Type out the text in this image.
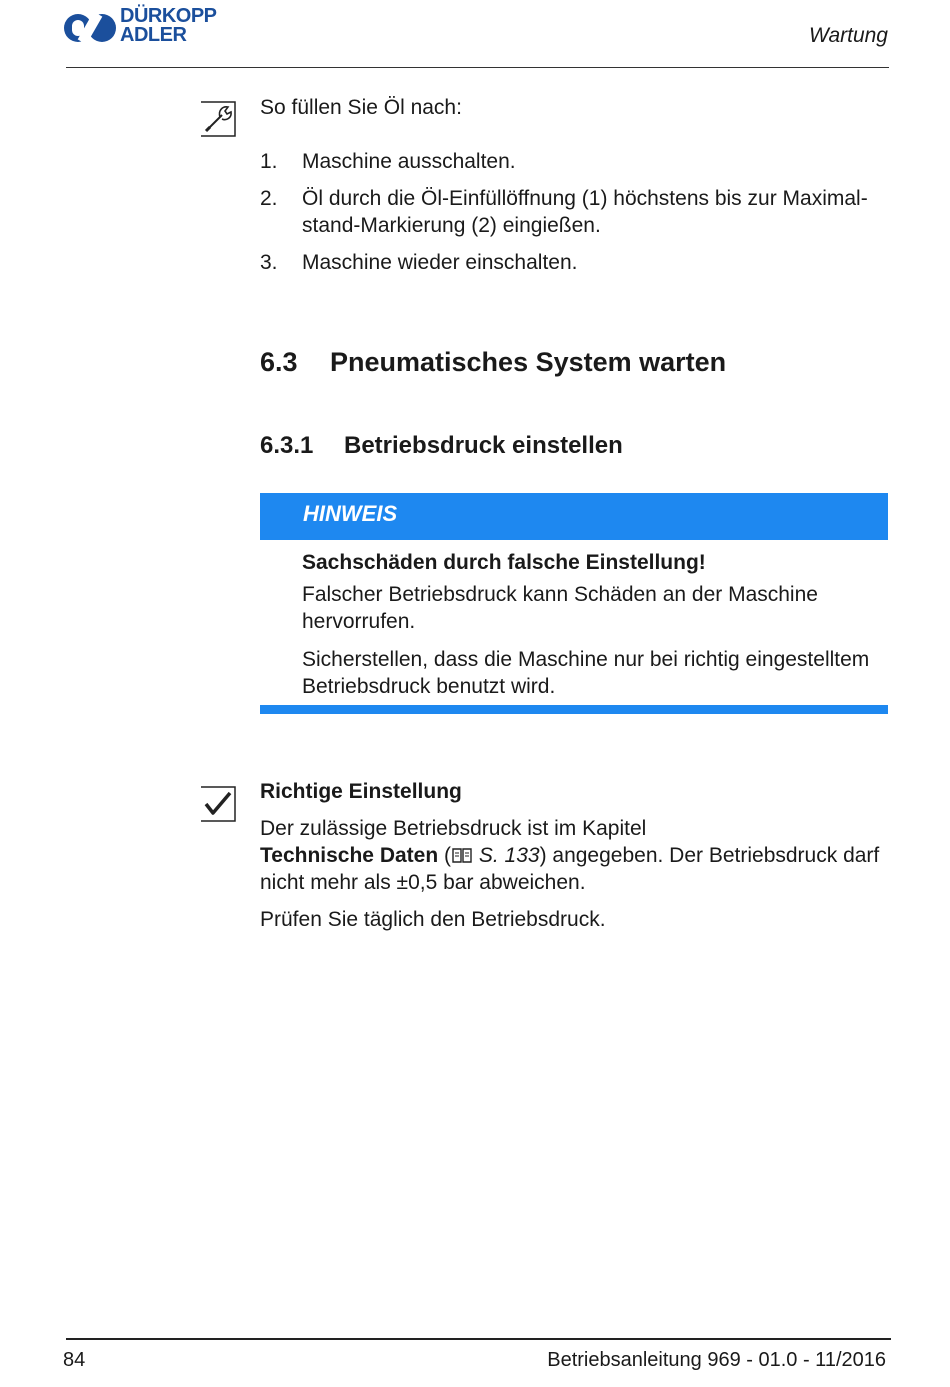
DÜRKOPP
ADLER	Wartung
So füllen Sie Öl nach:
1.	Maschine ausschalten.
2.	Öl durch die Öl-Einfüllöffnung (1) höchstens bis zur Maximal-stand-Markierung (2) eingießen.
3.	Maschine wieder einschalten.
6.3 Pneumatisches System warten
6.3.1 Betriebsdruck einstellen
HINWEIS
Sachschäden durch falsche Einstellung!
Falscher Betriebsdruck kann Schäden an der Maschine hervorrufen.
Sicherstellen, dass die Maschine nur bei richtig eingestelltem Betriebsdruck benutzt wird.
Richtige Einstellung
Der zulässige Betriebsdruck ist im Kapitel
Technische Daten ( S. 133) angegeben. Der Betriebsdruck darf nicht mehr als ±0,5 bar abweichen.
Prüfen Sie täglich den Betriebsdruck.
84	Betriebsanleitung 969 - 01.0 - 11/2016
